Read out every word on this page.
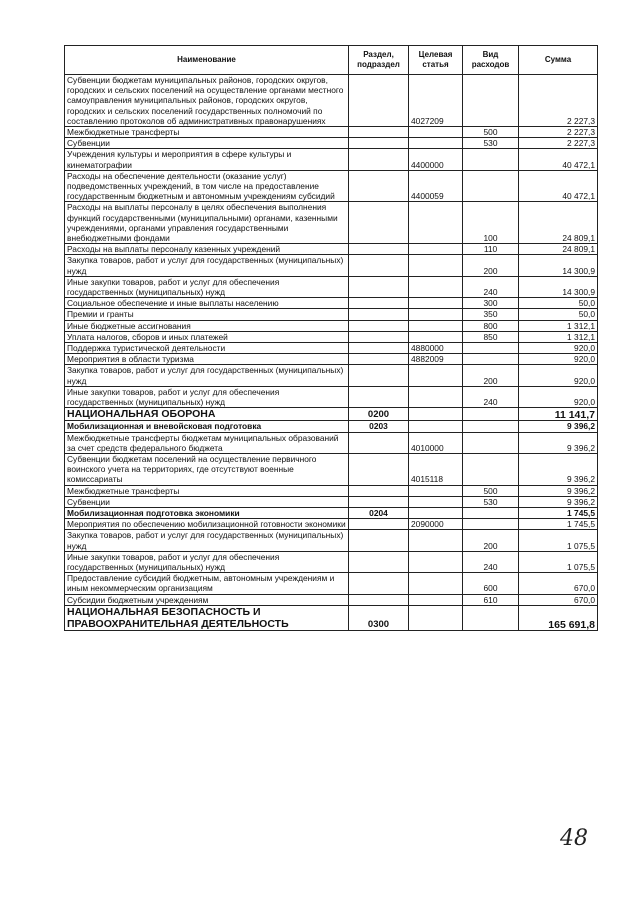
Наименование	Раздел, подраздел	Целевая статья	Вид расходов	Сумма
Субвенции бюджетам муниципальных районов, городских округов, городских и сельских поселений на осуществление органами местного самоуправления муниципальных районов, городских округов, городских и сельских поселений государственных полномочий по составлению протоколов об административных правонарушениях		4027209		2 227,3
Межбюджетные трансферты			500	2 227,3
Субвенции			530	2 227,3
Учреждения культуры и мероприятия в сфере культуры и кинематографии		4400000		40 472,1
Расходы на обеспечение деятельности (оказание услуг) подведомственных учреждений, в том числе на предоставление государственным бюджетным и автономным учреждениям субсидий		4400059		40 472,1
Расходы на выплаты персоналу в целях обеспечения выполнения функций государственными (муниципальными) органами, казенными учреждениями, органами управления государственными внебюджетными фондами			100	24 809,1
Расходы на выплаты персоналу казенных учреждений			110	24 809,1
Закупка товаров, работ и услуг для государственных (муниципальных) нужд			200	14 300,9
Иные закупки товаров, работ и услуг для обеспечения государственных (муниципальных) нужд			240	14 300,9
Социальное обеспечение и иные выплаты населению			300	50,0
Премии и гранты			350	50,0
Иные бюджетные ассигнования			800	1 312,1
Уплата налогов, сборов и иных платежей			850	1 312,1
Поддержка туристической деятельности		4880000		920,0
Мероприятия в области туризма		4882009		920,0
Закупка товаров, работ и услуг для государственных (муниципальных) нужд			200	920,0
Иные закупки товаров, работ и услуг для обеспечения государственных (муниципальных) нужд			240	920,0
НАЦИОНАЛЬНАЯ ОБОРОНА	0200			11 141,7
Мобилизационная и вневойсковая подготовка	0203			9 396,2
Межбюджетные трансферты бюджетам муниципальных образований за счет средств федерального бюджета		4010000		9 396,2
Субвенции бюджетам поселений на осуществление первичного воинского учета на территориях, где отсутствуют военные комиссариаты		4015118		9 396,2
Межбюджетные трансферты			500	9 396,2
Субвенции			530	9 396,2
Мобилизационная подготовка экономики	0204			1 745,5
Мероприятия по обеспечению мобилизационной готовности экономики		2090000		1 745,5
Закупка товаров, работ и услуг для государственных (муниципальных) нужд			200	1 075,5
Иные закупки товаров, работ и услуг для обеспечения государственных (муниципальных) нужд			240	1 075,5
Предоставление субсидий бюджетным, автономным учреждениям и иным некоммерческим организациям			600	670,0
Субсидии бюджетным учреждениям			610	670,0
НАЦИОНАЛЬНАЯ БЕЗОПАСНОСТЬ И ПРАВООХРАНИТЕЛЬНАЯ ДЕЯТЕЛЬНОСТЬ	0300			165 691,8
48
